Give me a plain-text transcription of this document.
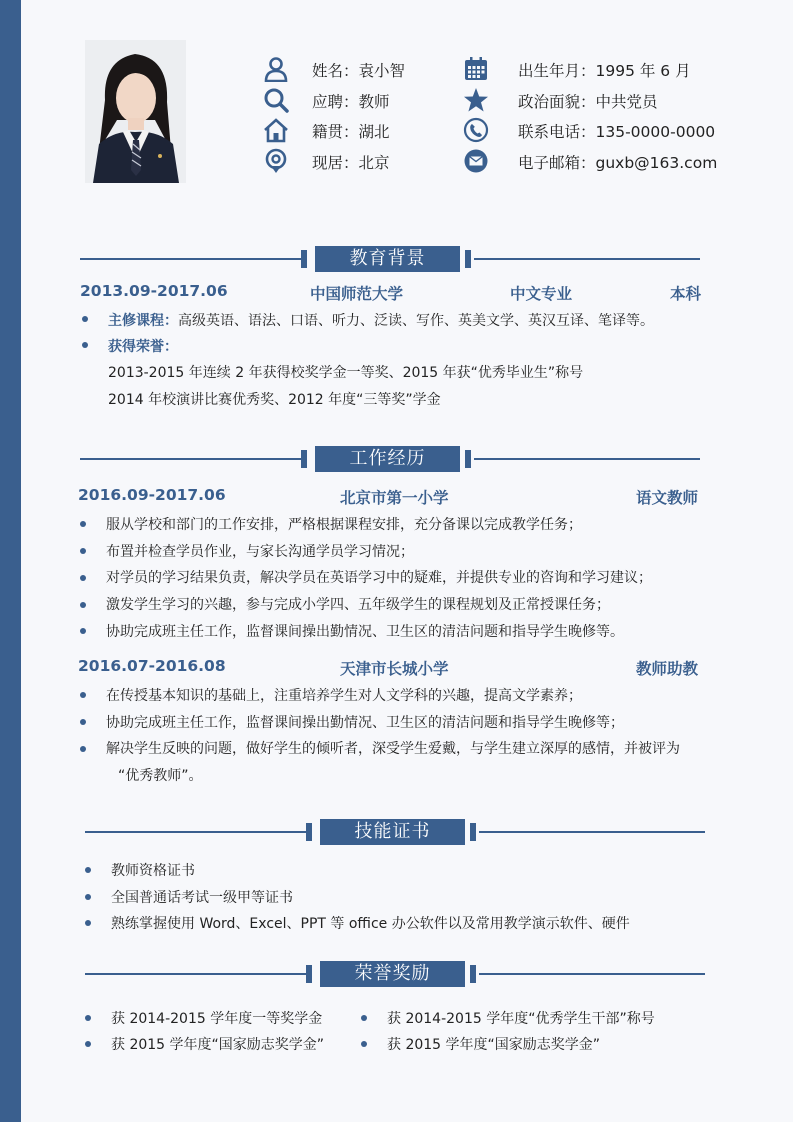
姓名：袁小智
应聘：教师
籍贯：湖北
现居：北京
出生年月：1995 年 6 月
政治面貌：中共党员
联系电话：135-0000-0000
电子邮箱：guxb@163.com
教育背景
2013.09-2017.06	中国师范大学	中文专业	本科
主修课程：高级英语、语法、口语、听力、泛读、写作、英美文学、英汉互译、笔译等。
获得荣誉：
2013-2015 年连续 2 年获得校奖学金一等奖、2015 年获“优秀毕业生”称号
2014 年校演讲比赛优秀奖、2012 年度“三等奖”学金
工作经历
2016.09-2017.06	北京市第一小学	语文教师
服从学校和部门的工作安排，严格根据课程安排，充分备课以完成教学任务；
布置并检查学员作业，与家长沟通学员学习情况；
对学员的学习结果负责，解决学员在英语学习中的疑难，并提供专业的咨询和学习建议；
激发学生学习的兴趣，参与完成小学四、五年级学生的课程规划及正常授课任务；
协助完成班主任工作，监督课间操出勤情况、卫生区的清洁问题和指导学生晚修等。
2016.07-2016.08	天津市长城小学	教师助教
在传授基本知识的基础上，注重培养学生对人文学科的兴趣，提高文学素养；
协助完成班主任工作，监督课间操出勤情况、卫生区的清洁问题和指导学生晚修等；
解决学生反映的问题，做好学生的倾听者，深受学生爱戴，与学生建立深厚的感情，并被评为
“优秀教师”。
技能证书
教师资格证书
全国普通话考试一级甲等证书
熟练掌握使用 Word、Excel、PPT 等 office 办公软件以及常用教学演示软件、硬件
荣誉奖励
获 2014-2015 学年度一等奖学金	获 2014-2015 学年度“优秀学生干部”称号
获 2015 学年度“国家励志奖学金”	获 2015 学年度“国家励志奖学金”
